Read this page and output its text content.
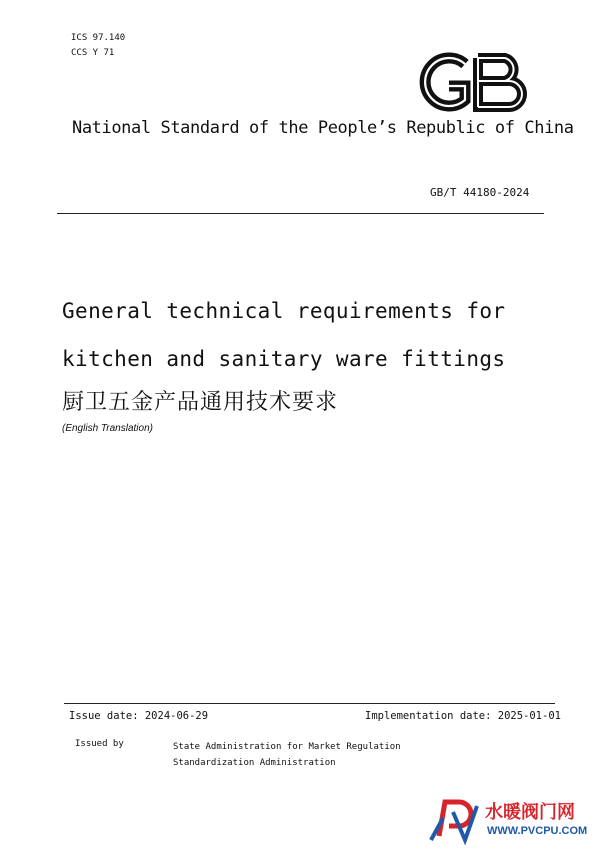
ICS 97.140
CCS Y 71	GB
National Standard of the People’s Republic of China
GB/T 44180-2024
General technical requirements for
kitchen and sanitary ware fittings
厨卫五金产品通用技术要求
(English Translation)
Issue date: 2024-06-29	Implementation date: 2025-01-01
Issued by	State Administration for Market Regulation
Standardization Administration
水暖阀门网
WWW.PVCPU.COM
